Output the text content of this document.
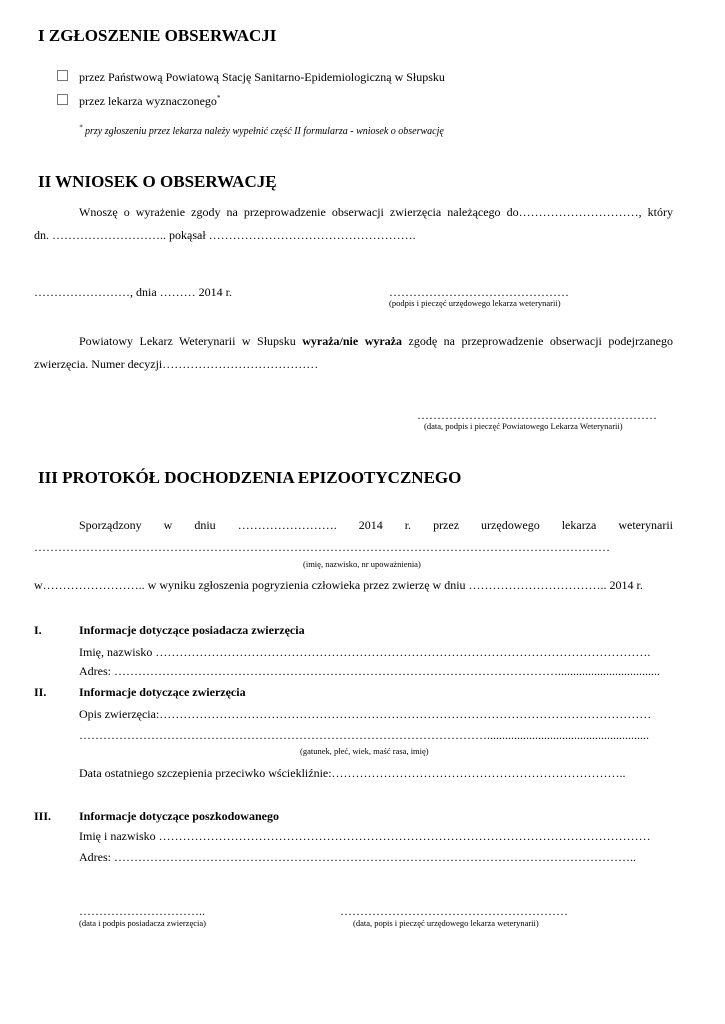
I ZGŁOSZENIE OBSERWACJI
przez Państwową Powiatową Stację Sanitarno-Epidemiologiczną w Słupsku
przez lekarza wyznaczonego*
* przy zgłoszeniu przez lekarza należy wypełnić część II formularza - wniosek o obserwację
II WNIOSEK O OBSERWACJĘ
Wnoszę o wyrażenie zgody na przeprowadzenie obserwacji zwierzęcia należącego do…………………………, który
dn. ……………………….. pokąsał …………………………………………….
……………………, dnia ……… 2014 r.	………………………………………
(podpis i pieczęć urzędowego lekarza weterynarii)
Powiatowy Lekarz Weterynarii w Słupsku wyraża/nie wyraża zgodę na przeprowadzenie obserwacji podejrzanego
zwierzęcia. Numer decyzji…………………………………
……………………………………………………
(data, podpis i pieczęć Powiatowego Lekarza Weterynarii)
III PROTOKÓŁ DOCHODZENIA EPIZOOTYCZNEGO
Sporządzony w dniu ……………………. 2014 r. przez urzędowego lekarza weterynarii
………………………………………………………………………………………………………………………………
(imię, nazwisko, nr upoważnienia)
w…………………….. w wyniku zgłoszenia pogryzienia człowieka przez zwierzę w dniu …………………………….. 2014 r.
I.	Informacje dotyczące posiadacza zwierzęcia
Imię, nazwisko …………………………………………………………………………………………………………….
Adres: …………………………………………………………………………………………………..................................
II.	Informacje dotyczące zwierzęcia
Opis zwierzęcia:……………………………………………………………………………………………………………
…………………………………………………………………………………………......................................................
(gatunek, płeć, wiek, maść rasa, imię)
Data ostatniego szczepienia przeciwko wściekliźnie:………………………………………………………………..
III. Informacje dotyczące poszkodowanego
Imię i nazwisko ……………………………………………………………………………………………………………
Adres: …………………………………………………………………………………………………………………..
…………………………..
(data i podpis posiadacza zwierzęcia)
…………………………………………………
(data, popis i pieczęć urzędowego lekarza weterynarii)
